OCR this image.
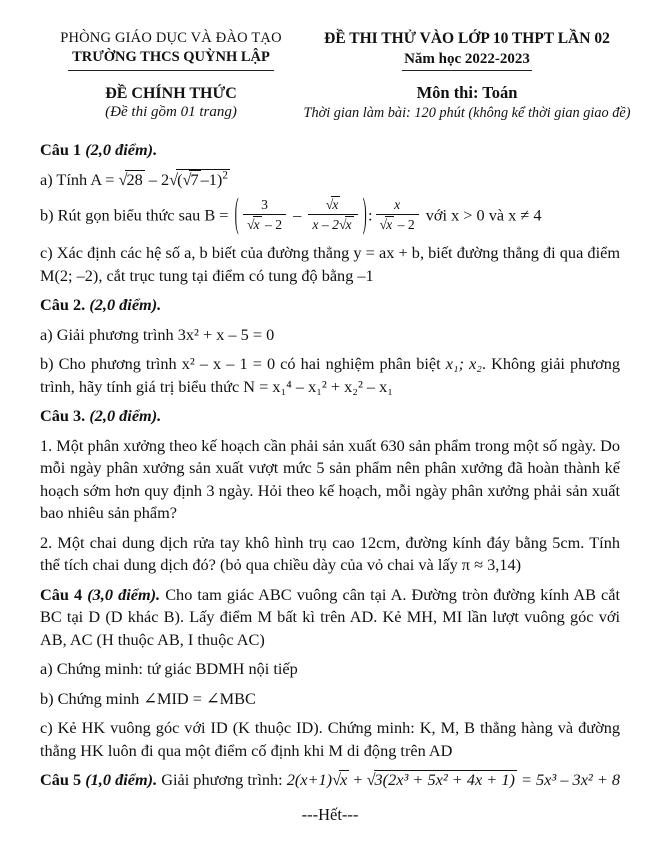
PHÒNG GIÁO DỤC VÀ ĐÀO TẠO
TRƯỜNG THCS QUỲNH LẬP
ĐỀ CHÍNH THỨC
(Đề thi gồm 01 trang)
ĐỀ THI THỬ VÀO LỚP 10 THPT LẦN 02
Năm học 2022-2023
Môn thi: Toán
Thời gian làm bài: 120 phút (không kể thời gian giao đề)

Câu 1 (2,0 điểm).

a) Tính A = √ 28 – 2 √ ( √ 7 –1)$^2$

b) Rút gọn biểu thức sau B = ( 3
√ x – 2 – √ $\frac{x}{x - 2 √ x}$ ) : x
√ x – 2 với x > 0 và x ≠ 4

c) Xác định các hệ số a, b biết của đường thẳng y = ax + b, biết đường thẳng đi qua điểm M(2; –2), cắt trục tung tại điểm có tung độ bằng –1

Câu 2. (2,0 điểm).

a) Giải phương trình 3x² + x – 5 = 0

b) Cho phương trình x² – x – 1 = 0 có hai nghiệm phân biệt x₁; x₂. Không giải phương trình, hãy tính giá trị biểu thức N = x₁⁴ – x₁² + x₂² – x₁

Câu 3. (2,0 điểm).

1. Một phân xưởng theo kế hoạch cần phải sản xuất 630 sản phẩm trong một số ngày. Do mỗi ngày phân xưởng sản xuất vượt mức 5 sản phẩm nên phân xưởng đã hoàn thành kế hoạch sớm hơn quy định 3 ngày. Hỏi theo kế hoạch, mỗi ngày phân xưởng phải sản xuất bao nhiêu sản phẩm?

2. Một chai dung dịch rửa tay khô hình trụ cao 12cm, đường kính đáy bằng 5cm. Tính thể tích chai dung dịch đó? (bỏ qua chiều dày của vỏ chai và lấy π ≈ 3,14)

Câu 4 (3,0 điểm). Cho tam giác ABC vuông cân tại A. Đường tròn đường kính AB cắt BC tại D (D khác B). Lấy điểm M bất kì trên AD. Kẻ MH, MI lần lượt vuông góc với AB, AC (H thuộc AB, I thuộc AC)

a) Chứng minh: tứ giác BDMH nội tiếp

b) Chứng minh ∠MID = ∠MBC

c) Kẻ HK vuông góc với ID (K thuộc ID). Chứng minh: K, M, B thẳng hàng và đường thẳng HK luôn đi qua một điểm cố định khi M di động trên AD

Câu 5 (1,0 điểm). Giải phương trình: 2(x+1) √ x + √ 3(2x³ + 5x² + 4x + 1) = 5x³ – 3x² + 8

---Hết---
